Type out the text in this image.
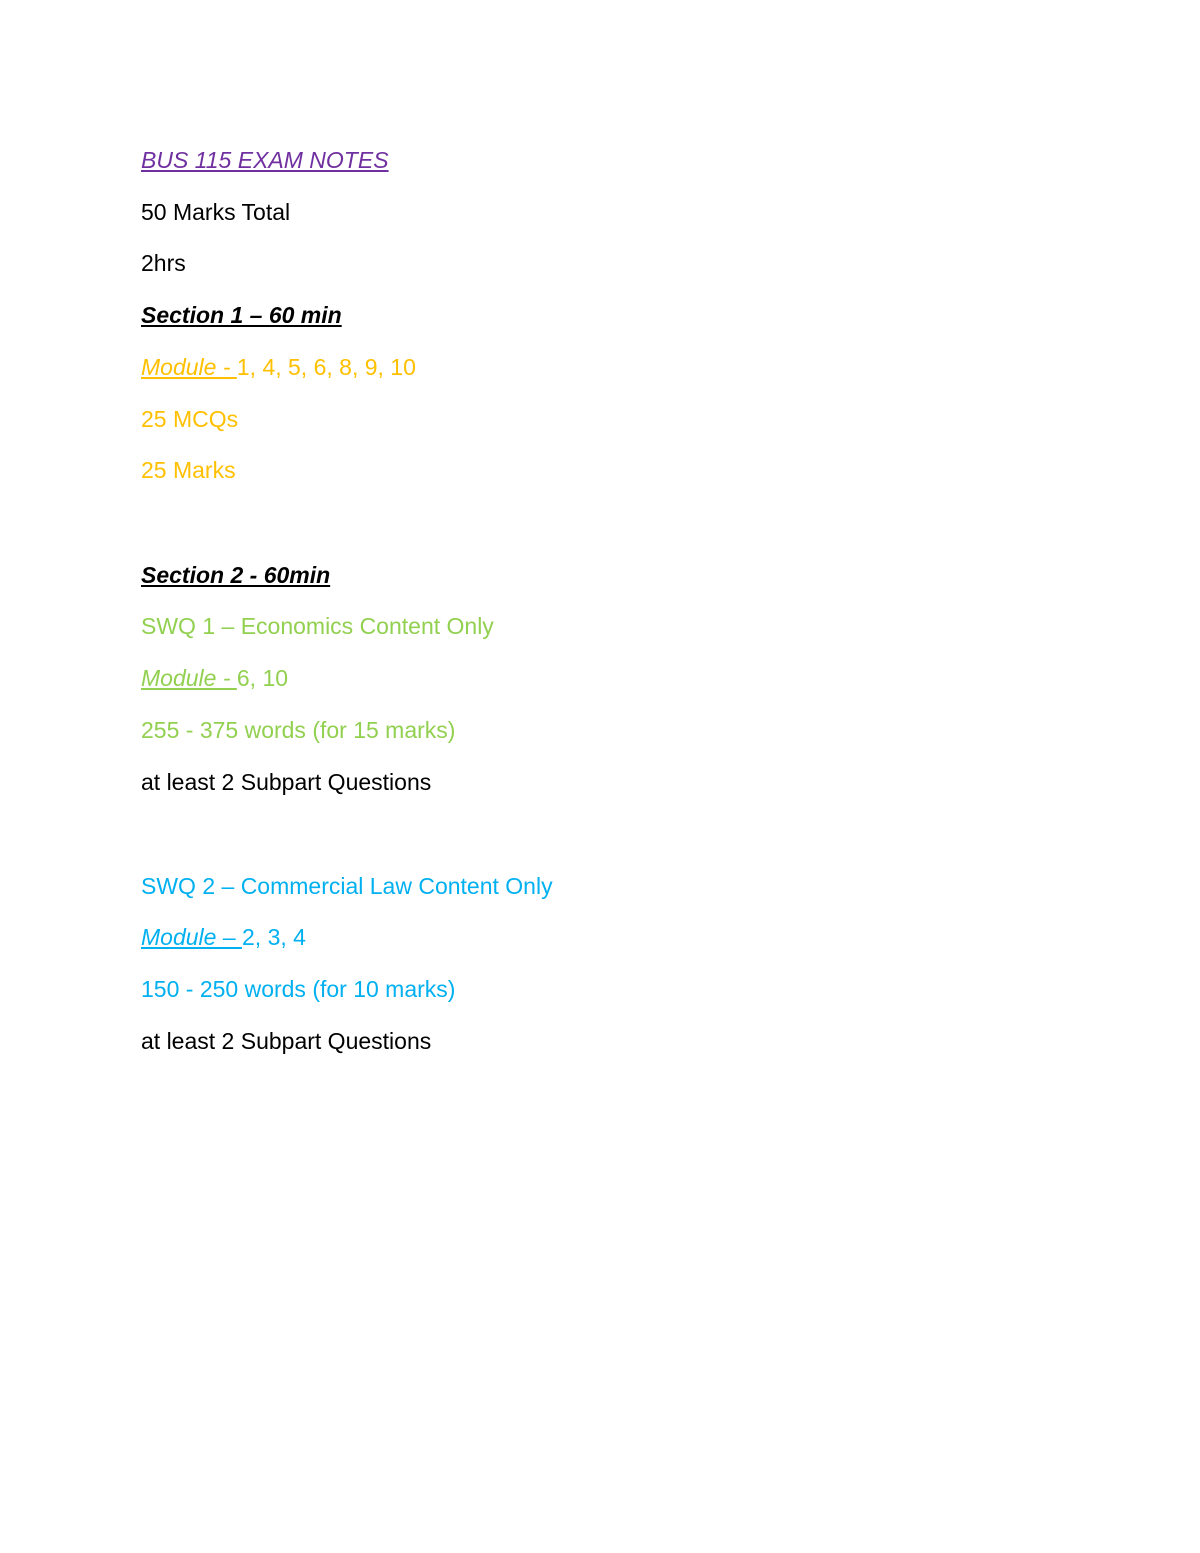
BUS 115 EXAM NOTES
50 Marks Total
2hrs
Section 1 – 60 min
Module - 1, 4, 5, 6, 8, 9, 10
25 MCQs
25 Marks
Section 2 - 60min
SWQ 1 – Economics Content Only
Module - 6, 10
255 - 375 words (for 15 marks)
at least 2 Subpart Questions
SWQ 2 – Commercial Law Content Only
Module – 2, 3, 4
150 - 250 words (for 10 marks)
at least 2 Subpart Questions
